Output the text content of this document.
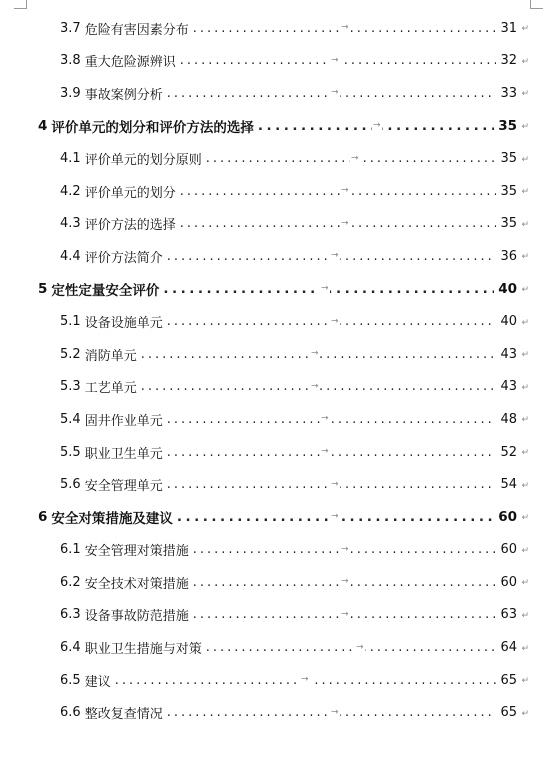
3.7 危险有害因素分布 .....	31
→	↵
3.8 重大危险源辨识 .....	32
→	↵
3.9 事故案例分析 .....	33
→	↵
4 评价单元的划分和评价方法的选择 .....	35
→	↵
4.1 评价单元的划分原则 .....	35
→	↵
4.2 评价单元的划分 .....	35
→	↵
4.3 评价方法的选择 .....	35
→	↵
4.4 评价方法简介 .....	36
→	↵
5 定性定量安全评价 .....	40
→	↵
5.1 设备设施单元 .....	40
→	↵
5.2 消防单元 .....	43
→	↵
5.3 工艺单元 .....	43
→	↵
5.4 固井作业单元 .....	48
→	↵
5.5 职业卫生单元 .....	52
→	↵
5.6 安全管理单元 .....	54
→	↵
6 安全对策措施及建议 .....	60
→	↵
6.1 安全管理对策措施 .....	60
→	↵
6.2 安全技术对策措施 .....	60
→	↵
6.3 设备事故防范措施 .....	63
→	↵
6.4 职业卫生措施与对策 .....	64
→	↵
6.5 建议 .....	65
→	↵
6.6 整改复查情况 .....	65
→	↵
